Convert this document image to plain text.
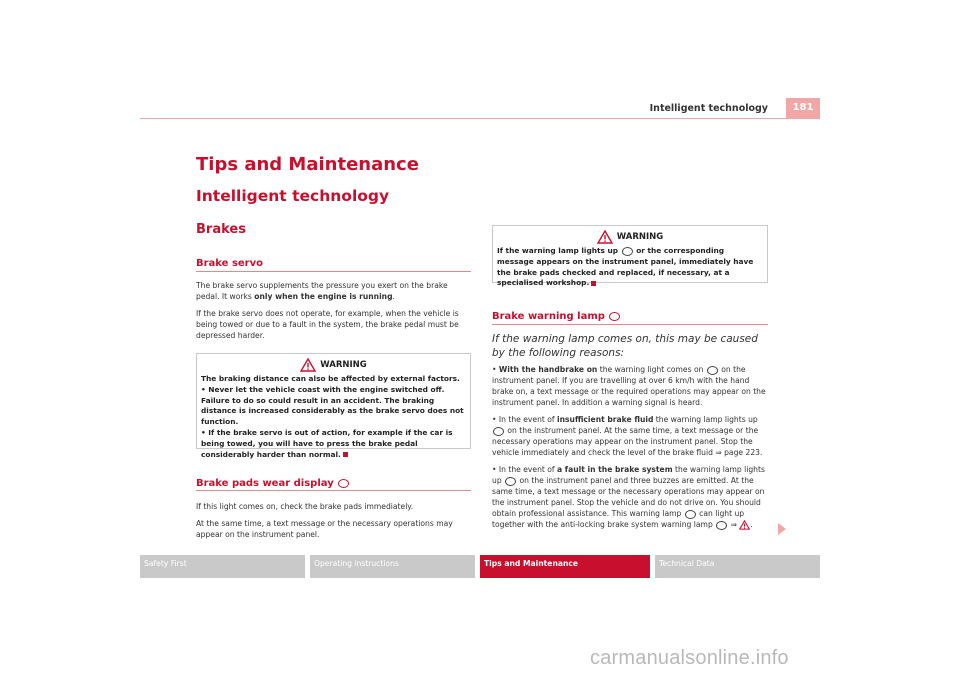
Intelligent technology	181
Tips and Maintenance
Intelligent technology
Brakes
Brake servo

The brake servo supplements the pressure you exert on the brake pedal. It works only when the engine is running.

If the brake servo does not operate, for example, when the vehicle is being towed or due to a fault in the system, the brake pedal must be depressed harder.

WARNING
The braking distance can also be affected by external factors.
• Never let the vehicle coast with the engine switched off. Failure to do so could result in an accident. The braking distance is increased considerably as the brake servo does not function.
• If the brake servo is out of action, for example if the car is being towed, you will have to press the brake pedal considerably harder than normal.
Brake pads wear display

If this light comes on, check the brake pads immediately.

At the same time, a text message or the necessary operations may appear on the instrument panel.

WARNING
If the warning lamp lights up  or the corresponding message appears on the instrument panel, immediately have the brake pads checked and replaced, if necessary, at a specialised workshop.
Brake warning lamp
If the warning lamp comes on, this may be caused by the following reasons:

• With the handbrake on the warning light comes on  on the instrument panel. If you are travelling at over 6 km/h with the hand brake on, a text message or the required operations may appear on the instrument panel. In addition a warning signal is heard.

• In the event of insufficient brake fluid the warning lamp lights up  on the instrument panel. At the same time, a text message or the necessary operations may appear on the instrument panel. Stop the vehicle immediately and check the level of the brake fluid ⇒ page 223.

• In the event of a fault in the brake system the warning lamp lights up  on the instrument panel and three buzzes are emitted. At the same time, a text message or the necessary operations may appear on the instrument panel. Stop the vehicle and do not drive on. You should obtain professional assistance. This warning lamp  can light up together with the anti-locking brake system warning lamp  ⇒ .

Safety First	Operating instructions	Tips and Maintenance	Technical Data
carmanualsonline.info
